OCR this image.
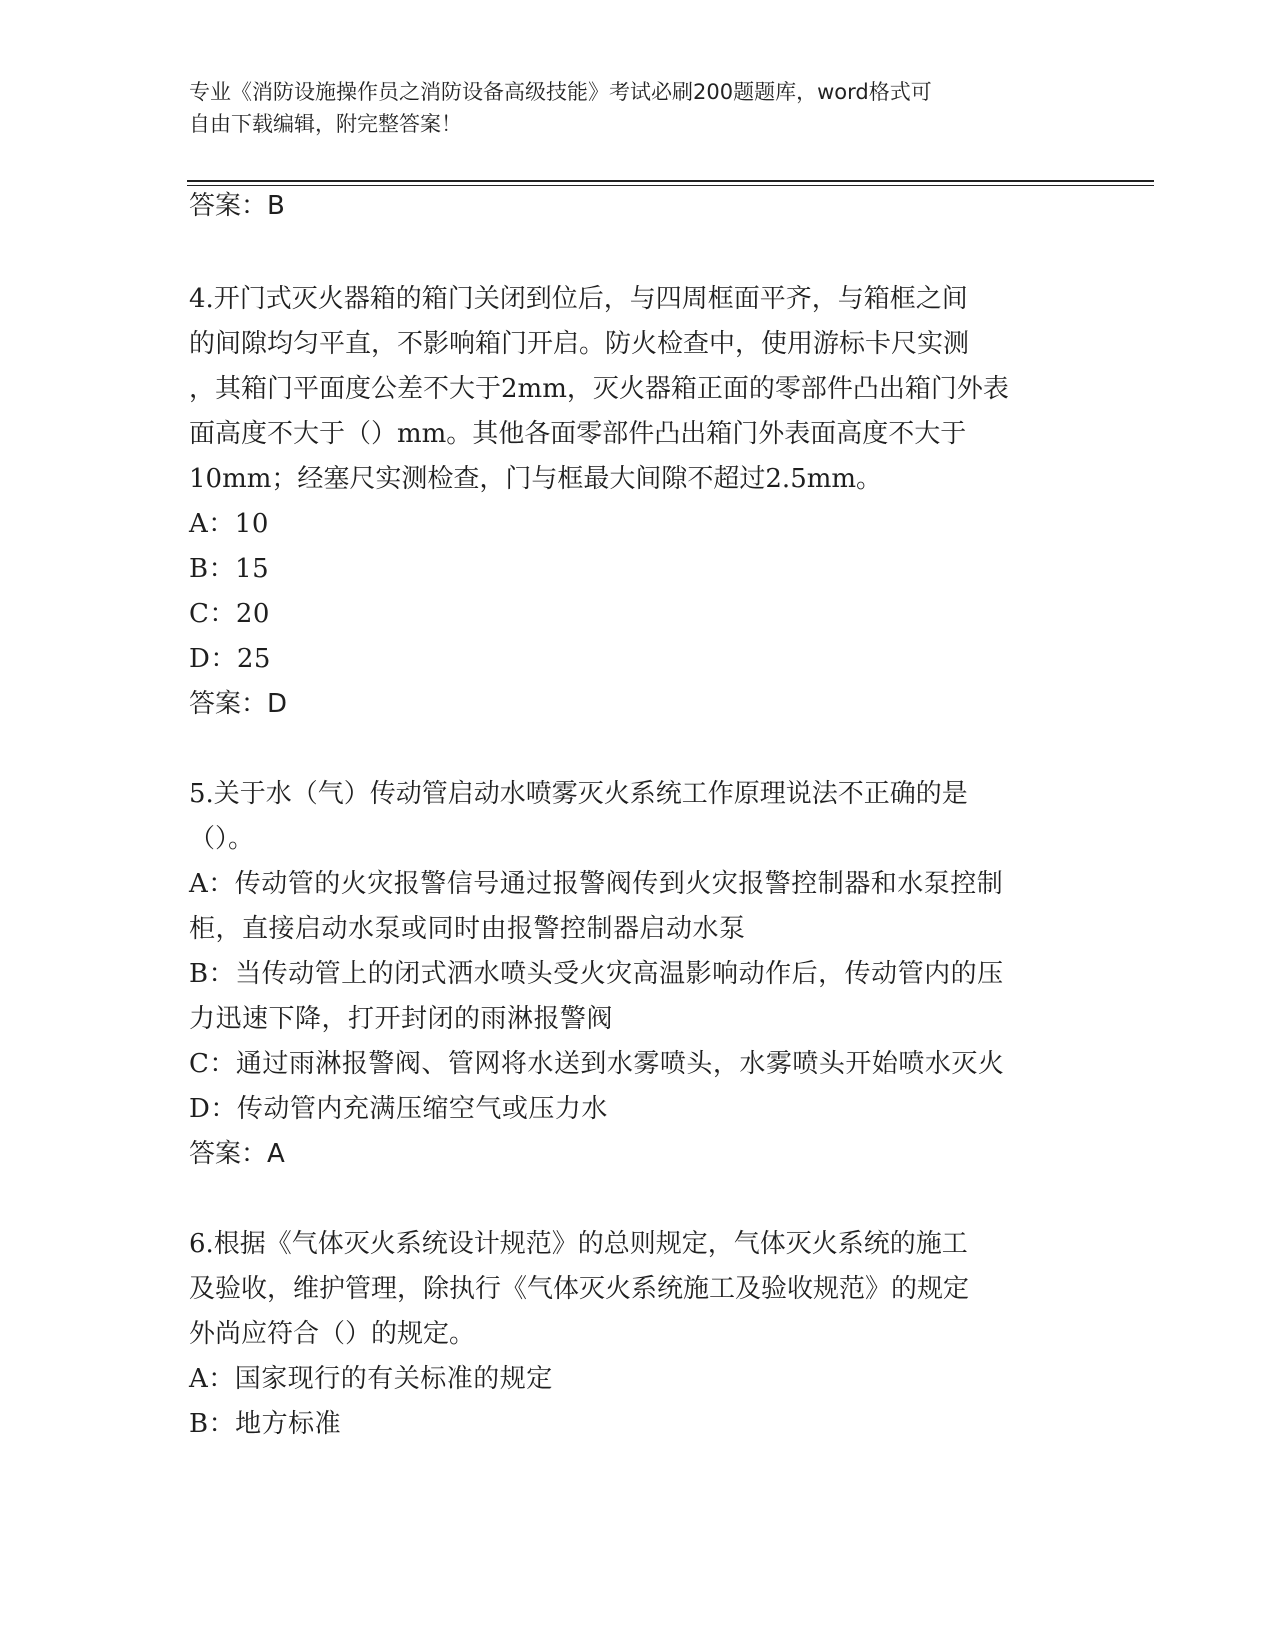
专业《消防设施操作员之消防设备高级技能》考试必刷200题题库，word格式可
自由下载编辑，附完整答案！
答案：B
4.开门式灭火器箱的箱门关闭到位后，与四周框面平齐，与箱框之间
的间隙均匀平直，不影响箱门开启。防火检查中，使用游标卡尺实测
，其箱门平面度公差不大于2mm，灭火器箱正面的零部件凸出箱门外表
面高度不大于（）mm。其他各面零部件凸出箱门外表面高度不大于
10mm；经塞尺实测检查，门与框最大间隙不超过2.5mm。
A：10
B：15
C：20
D：25
答案：D
5.关于水（气）传动管启动水喷雾灭火系统工作原理说法不正确的是
（）。
A：传动管的火灾报警信号通过报警阀传到火灾报警控制器和水泵控制
柜，直接启动水泵或同时由报警控制器启动水泵
B：当传动管上的闭式洒水喷头受火灾高温影响动作后，传动管内的压
力迅速下降，打开封闭的雨淋报警阀
C：通过雨淋报警阀、管网将水送到水雾喷头，水雾喷头开始喷水灭火
D：传动管内充满压缩空气或压力水
答案：A
6.根据《气体灭火系统设计规范》的总则规定，气体灭火系统的施工
及验收，维护管理，除执行《气体灭火系统施工及验收规范》的规定
外尚应符合（）的规定。
A：国家现行的有关标准的规定
B：地方标准
